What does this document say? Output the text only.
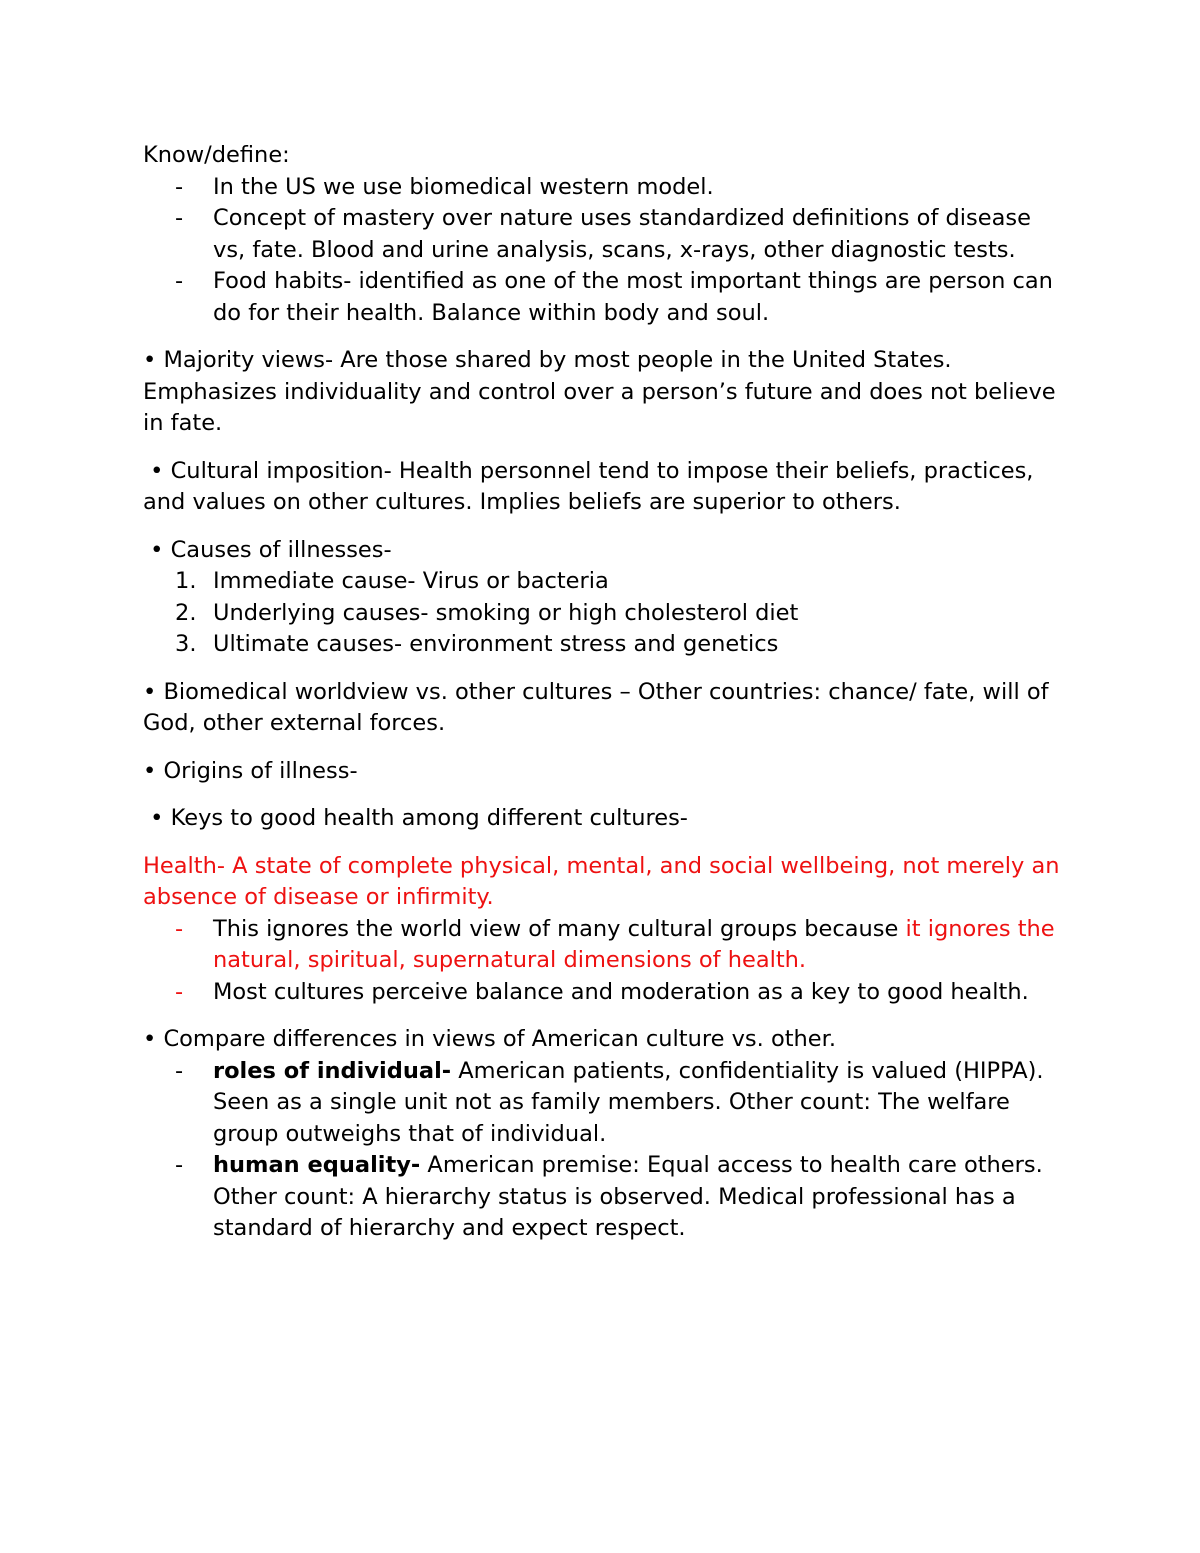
Know/define:

-	In the US we use biomedical western model.
-	Concept of mastery over nature uses standardized definitions of disease vs, fate. Blood and urine analysis, scans, x-rays, other diagnostic tests.
-	Food habits- identified as one of the most important things are person can do for their health. Balance within body and soul.

• Majority views- Are those shared by most people in the United States. Emphasizes individuality and control over a person’s future and does not believe in fate.

• Cultural imposition- Health personnel tend to impose their beliefs, practices, and values on other cultures. Implies beliefs are superior to others.

• Causes of illnesses-

1. Immediate cause- Virus or bacteria
2. Underlying causes- smoking or high cholesterol diet
3. Ultimate causes- environment stress and genetics

• Biomedical worldview vs. other cultures – Other countries: chance/ fate, will of God, other external forces.

• Origins of illness-

• Keys to good health among different cultures-

Health- A state of complete physical, mental, and social wellbeing, not merely an absence of disease or infirmity.

-	This ignores the world view of many cultural groups because it ignores the natural, spiritual, supernatural dimensions of health.
-	Most cultures perceive balance and moderation as a key to good health.

• Compare differences in views of American culture vs. other.

-	roles of individual- American patients, confidentiality is valued (HIPPA). Seen as a single unit not as family members. Other count: The welfare group outweighs that of individual.
-	human equality- American premise: Equal access to health care others. Other count: A hierarchy status is observed. Medical professional has a standard of hierarchy and expect respect.
